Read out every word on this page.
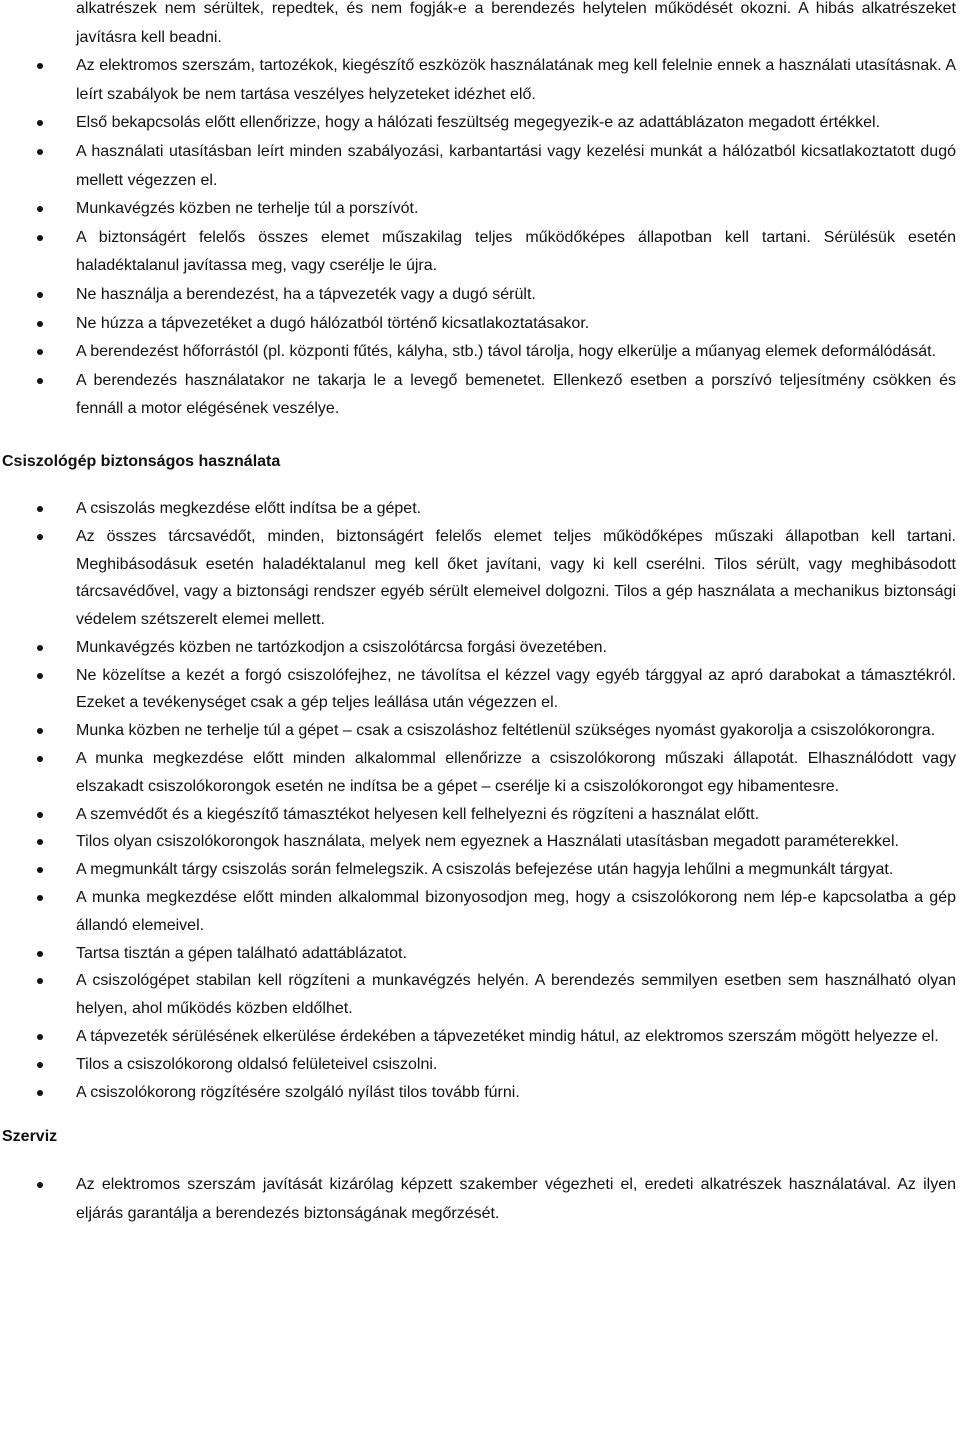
alkatrészek nem sérültek, repedtek, és nem fogják-e a berendezés helytelen működését okozni. A hibás alkatrészeket javításra kell beadni.
Az elektromos szerszám, tartozékok, kiegészítő eszközök használatának meg kell felelnie ennek a használati utasításnak. A leírt szabályok be nem tartása veszélyes helyzeteket idézhet elő.
Első bekapcsolás előtt ellenőrizze, hogy a hálózati feszültség megegyezik-e az adattáblázaton megadott értékkel.
A használati utasításban leírt minden szabályozási, karbantartási vagy kezelési munkát a hálózatból kicsatlakoztatott dugó mellett végezzen el.
Munkavégzés közben ne terhelje túl a porszívót.
A biztonságért felelős összes elemet műszakilag teljes működőképes állapotban kell tartani. Sérülésük esetén haladéktalanul javítassa meg, vagy cserélje le újra.
Ne használja a berendezést, ha a tápvezeték vagy a dugó sérült.
Ne húzza a tápvezetéket a dugó hálózatból történő kicsatlakoztatásakor.
A berendezést hőforrástól (pl. központi fűtés, kályha, stb.) távol tárolja, hogy elkerülje a műanyag elemek deformálódását.
A berendezés használatakor ne takarja le a levegő bemenetet. Ellenkező esetben a porszívó teljesítmény csökken és fennáll a motor elégésének veszélye.
Csiszológép biztonságos használata
A csiszolás megkezdése előtt indítsa be a gépet.
Az összes tárcsavédőt, minden, biztonságért felelős elemet teljes működőképes műszaki állapotban kell tartani. Meghibásodásuk esetén haladéktalanul meg kell őket javítani, vagy ki kell cserélni. Tilos sérült, vagy meghibásodott tárcsavédővel, vagy a biztonsági rendszer egyéb sérült elemeivel dolgozni. Tilos a gép használata a mechanikus biztonsági védelem szétszerelt elemei mellett.
Munkavégzés közben ne tartózkodjon a csiszolótárcsa forgási övezetében.
Ne közelítse a kezét a forgó csiszolófejhez, ne távolítsa el kézzel vagy egyéb tárggyal az apró darabokat a támasztékról. Ezeket a tevékenységet csak a gép teljes leállása után végezzen el.
Munka közben ne terhelje túl a gépet – csak a csiszoláshoz feltétlenül szükséges nyomást gyakorolja a csiszolókorongra.
A munka megkezdése előtt minden alkalommal ellenőrizze a csiszolókorong műszaki állapotát. Elhasználódott vagy elszakadt csiszolókorongok esetén ne indítsa be a gépet – cserélje ki a csiszolókorongot egy hibamentesre.
A szemvédőt és a kiegészítő támasztékot helyesen kell felhelyezni és rögzíteni a használat előtt.
Tilos olyan csiszolókorongok használata, melyek nem egyeznek a Használati utasításban megadott paraméterekkel.
A megmunkált tárgy csiszolás során felmelegszik. A csiszolás befejezése után hagyja lehűlni a megmunkált tárgyat.
A munka megkezdése előtt minden alkalommal bizonyosodjon meg, hogy a csiszolókorong nem lép-e kapcsolatba a gép állandó elemeivel.
Tartsa tisztán a gépen található adattáblázatot.
A csiszológépet stabilan kell rögzíteni a munkavégzés helyén. A berendezés semmilyen esetben sem használható olyan helyen, ahol működés közben eldőlhet.
A tápvezeték sérülésének elkerülése érdekében a tápvezetéket mindig hátul, az elektromos szerszám mögött helyezze el.
Tilos a csiszolókorong oldalsó felületeivel csiszolni.
A csiszolókorong rögzítésére szolgáló nyílást tilos tovább fúrni.
Szerviz
Az elektromos szerszám javítását kizárólag képzett szakember végezheti el, eredeti alkatrészek használatával. Az ilyen eljárás garantálja a berendezés biztonságának megőrzését.
